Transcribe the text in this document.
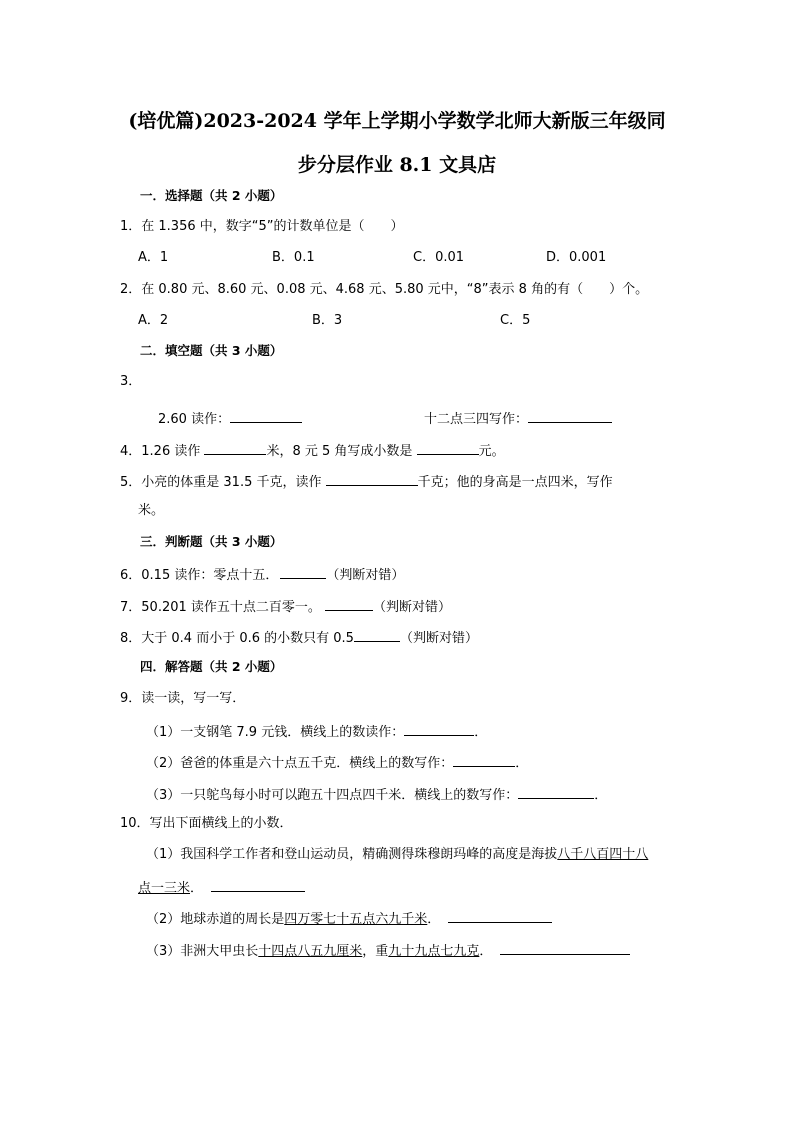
(培优篇)2023-2024 学年上学期小学数学北师大新版三年级同
步分层作业 8.1 文具店
一．选择题（共 2 小题）
1．在 1.356 中，数字“5”的计数单位是（　　）
A．1	B．0.1	C．0.01	D．0.001
2．在 0.80 元、8.60 元、0.08 元、4.68 元、5.80 元中，“8”表示 8 角的有（　　）个。
A．2	B．3	C．5
二．填空题（共 3 小题）
3．
2.60 读作：	十二点三四写作：
4．1.26 读作	米，8 元 5 角写成小数是	元。
5．小亮的体重是 31.5 千克，读作	千克；他的身高是一点四米，写作
米。
三．判断题（共 3 小题）
6．0.15 读作：零点十五．	（判断对错）
7．50.201 读作五十点二百零一。	（判断对错）
8．大于 0.4 而小于 0.6 的小数只有 0.5	（判断对错）
四．解答题（共 2 小题）
9．读一读，写一写．
（1）一支钢笔 7.9 元钱．横线上的数读作：	．
（2）爸爸的体重是六十点五千克．横线上的数写作：	．
（3）一只鸵鸟每小时可以跑五十四点四千米．横线上的数写作：	．
10．写出下面横线上的小数．
（1）我国科学工作者和登山运动员，精确测得珠穆朗玛峰的高度是海拔八千八百四十八
点一三米．
（2）地球赤道的周长是四万零七十五点六九千米．
（3）非洲大甲虫长十四点八五九厘米，重九十九点七九克．
